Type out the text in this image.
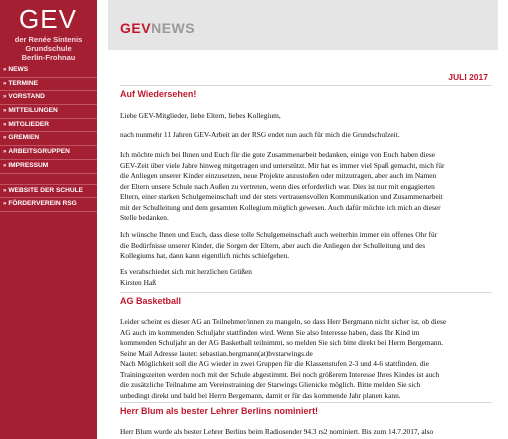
GEV
der Renée Sintenis
Grundschule
Berlin-Frohnau
» NEWS
» TERMINE
» VORSTAND
» MITTEILUNGEN
» MITGLIEDER
» GREMIEN
» ARBEITSGRUPPEN
» IMPRESSUM
» WEBSITE DER SCHULE
» FÖRDERVEREIN RSG
GEVNEWS
JULI 2017
Auf Wiedersehen!
Liebe GEV-Mitglieder, liebe Eltern, liebes Kollegium,
nach nunmehr 11 Jahren GEV-Arbeit an der RSG endet nun auch für mich die Grundschulzeit.
Ich möchte mich bei Ihnen und Euch für die gute Zusammenarbeit bedanken, einige von Euch haben diese
GEV-Zeit über viele Jahre hinweg mitgetragen und unterstützt. Mir hat es immer viel Spaß gemacht, mich für
die Anliegen unserer Kinder einzusetzen, neue Projekte anzustoßen oder mitzutragen, aber auch im Namen
der Eltern unsere Schule nach Außen zu vertreten, wenn dies erforderlich war. Dies ist nur mit engagierten
Eltern, einer starken Schulgemeinschaft und der stets vertrauensvollen Kommunikation und Zusammenarbeit
mit der Schulleitung und dem gesamten Kollegium möglich gewesen. Auch dafür möchte ich mich an dieser
Stelle bedanken.
Ich wünsche Ihnen und Euch, dass diese tolle Schulgemeinschaft auch weiterhin immer ein offenes Ohr für
die Bedürfnisse unserer Kinder, die Sorgen der Eltern, aber auch die Anliegen der Schulleitung und des
Kollegiums hat, dann kann eigentlich nichts schiefgehen.
Es verabschiedet sich mit herzlichen Grüßen
Kirsten Haß
AG Basketball
Leider scheint es dieser AG an Teilnehmer/innen zu mangeln, so dass Herr Bergmann nicht sicher ist, ob diese
AG auch im kommenden Schuljahr stattfinden wird. Wenn Sie also Interesse haben, dass Ihr Kind im
kommenden Schuljahr an der AG Basketball teilnimmt, so melden Sie sich bitte direkt bei Herrn Bergemann.
Seine Mail Adresse lautet: sebastian.bergmann(at)bvstarwings.de
Nach Möglichkeit soll die AG wieder in zwei Gruppen für die Klassenstufen 2-3 und 4-6 stattfinden. die
Trainingszeiten werden noch mit der Schule abgestimmt. Bei noch größerem Interesse Ihres Kindes ist auch
die zusätzliche Teilnahme am Vereinstraining der Starwings Glienicke möglich. Bitte melden Sie sich
unbedingt direkt und bald bei Herrn Bergemann, damit er für das kommende Jahr planen kann.
Herr Blum als bester Lehrer Berlins nominiert!
Herr Blum wurde als bester Lehrer Berlins beim Radiosender 94.3 rs2 nominiert. Bis zum 14.7.2017, also
